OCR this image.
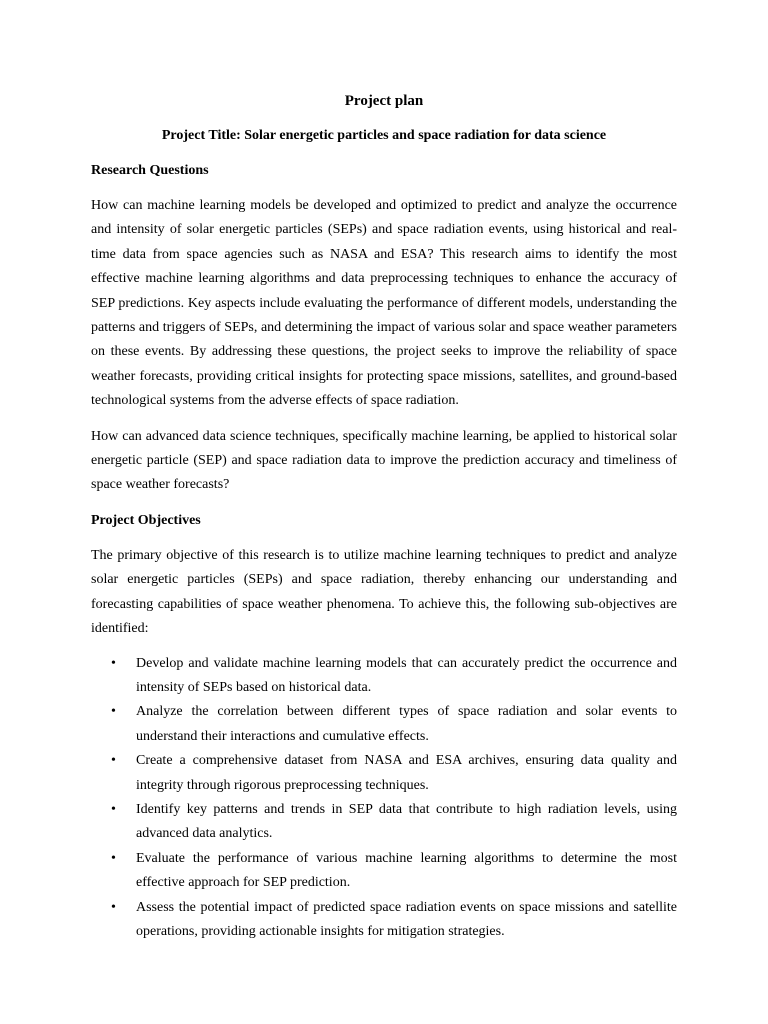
Project plan
Project Title: Solar energetic particles and space radiation for data science
Research Questions

How can machine learning models be developed and optimized to predict and analyze the occurrence and intensity of solar energetic particles (SEPs) and space radiation events, using historical and real-time data from space agencies such as NASA and ESA? This research aims to identify the most effective machine learning algorithms and data preprocessing techniques to enhance the accuracy of SEP predictions. Key aspects include evaluating the performance of different models, understanding the patterns and triggers of SEPs, and determining the impact of various solar and space weather parameters on these events. By addressing these questions, the project seeks to improve the reliability of space weather forecasts, providing critical insights for protecting space missions, satellites, and ground-based technological systems from the adverse effects of space radiation.

How can advanced data science techniques, specifically machine learning, be applied to historical solar energetic particle (SEP) and space radiation data to improve the prediction accuracy and timeliness of space weather forecasts?

Project Objectives

The primary objective of this research is to utilize machine learning techniques to predict and analyze solar energetic particles (SEPs) and space radiation, thereby enhancing our understanding and forecasting capabilities of space weather phenomena. To achieve this, the following sub-objectives are identified:

• Develop and validate machine learning models that can accurately predict the occurrence and intensity of SEPs based on historical data.
• Analyze the correlation between different types of space radiation and solar events to understand their interactions and cumulative effects.
• Create a comprehensive dataset from NASA and ESA archives, ensuring data quality and integrity through rigorous preprocessing techniques.
• Identify key patterns and trends in SEP data that contribute to high radiation levels, using advanced data analytics.
• Evaluate the performance of various machine learning algorithms to determine the most effective approach for SEP prediction.
• Assess the potential impact of predicted space radiation events on space missions and satellite operations, providing actionable insights for mitigation strategies.
